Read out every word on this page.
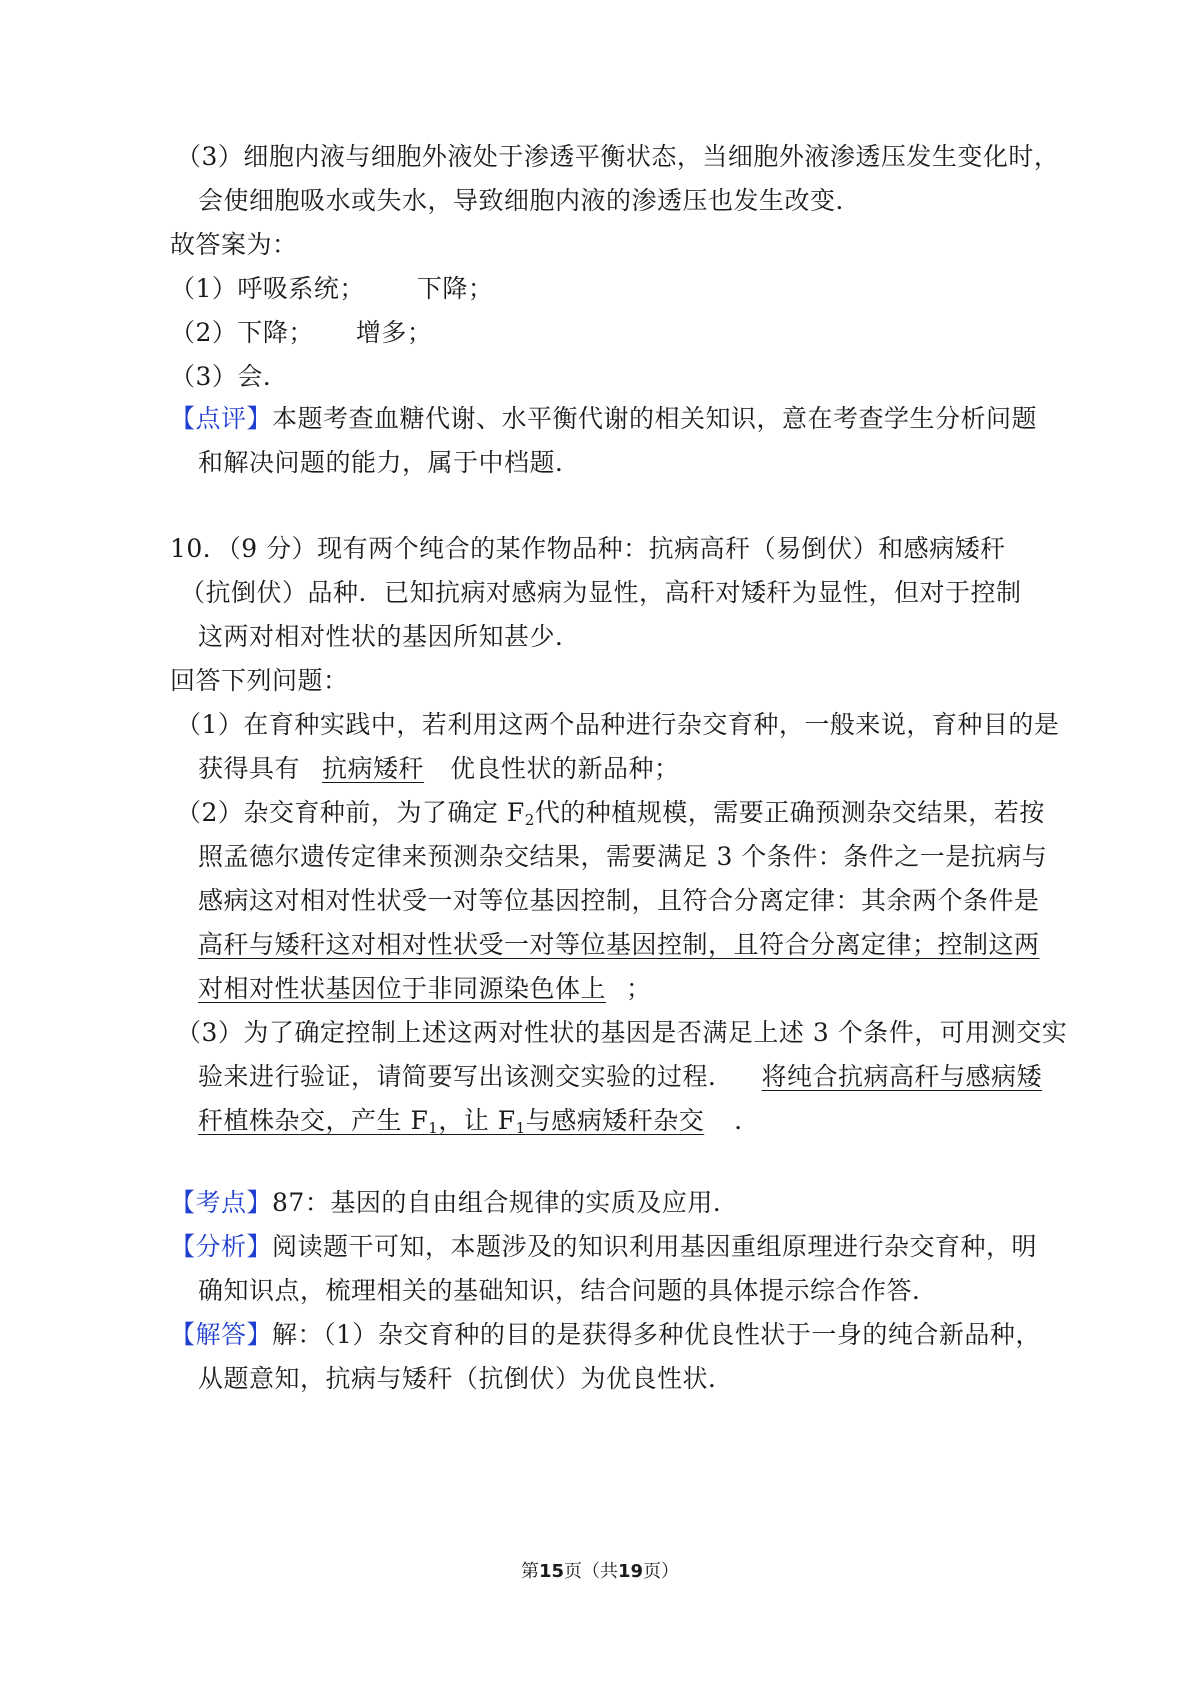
（3）细胞内液与细胞外液处于渗透平衡状态，当细胞外液渗透压发生变化时，
会使细胞吸水或失水，导致细胞内液的渗透压也发生改变．
故答案为：
（1）呼吸系统； 下降；
（2）下降； 增多；
（3）会．
【点评】本题考查血糖代谢、水平衡代谢的相关知识，意在考查学生分析问题
和解决问题的能力，属于中档题．
10．（9 分）现有两个纯合的某作物品种：抗病高秆（易倒伏）和感病矮秆
（抗倒伏）品种．已知抗病对感病为显性，高秆对矮秆为显性，但对于控制
这两对相对性状的基因所知甚少．
回答下列问题：
（1）在育种实践中，若利用这两个品种进行杂交育种，一般来说，育种目的是
获得具有 抗病矮秆 优良性状的新品种；
（2）杂交育种前，为了确定 $F_2$代的种植规模，需要正确预测杂交结果，若按
照孟德尔遗传定律来预测杂交结果，需要满足 3 个条件：条件之一是抗病与
感病这对相对性状受一对等位基因控制，且符合分离定律：其余两个条件是
高秆与矮秆这对相对性状受一对等位基因控制，且符合分离定律；控制这两
对相对性状基因位于非同源染色体上 ；
（3）为了确定控制上述这两对性状的基因是否满足上述 3 个条件，可用测交实
验来进行验证，请简要写出该测交实验的过程． 将纯合抗病高秆与感病矮
秆植株杂交，产生 $F_1$，让 $F_1$与感病矮秆杂交 ．
【考点】87：基因的自由组合规律的实质及应用．
【分析】阅读题干可知，本题涉及的知识利用基因重组原理进行杂交育种，明
确知识点，梳理相关的基础知识，结合问题的具体提示综合作答．
【解答】解：（1）杂交育种的目的是获得多种优良性状于一身的纯合新品种，
从题意知，抗病与矮秆（抗倒伏）为优良性状．
第15页（共19页）
